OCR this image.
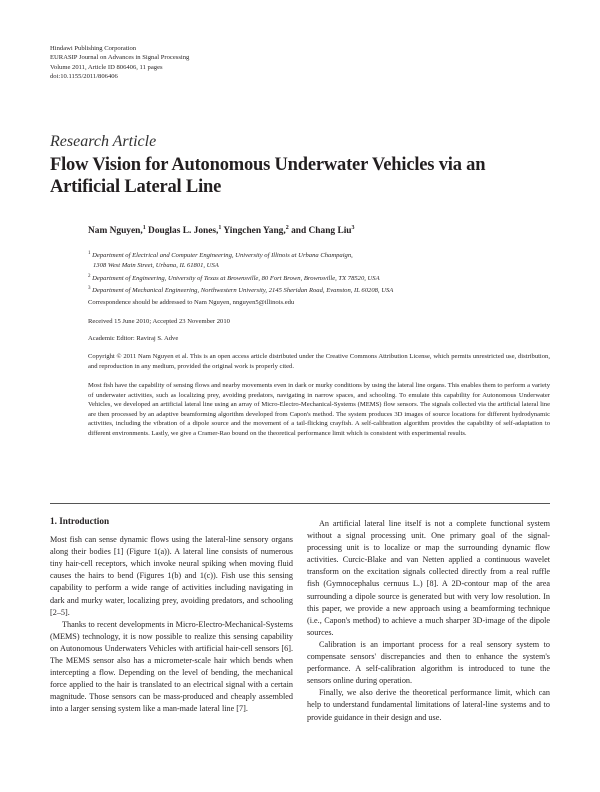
Hindawi Publishing Corporation
EURASIP Journal on Advances in Signal Processing
Volume 2011, Article ID 806406, 11 pages
doi:10.1155/2011/806406
Research Article
Flow Vision for Autonomous Underwater Vehicles via an Artificial Lateral Line
Nam Nguyen,$^1$ Douglas L. Jones,$^1$ Yingchen Yang,$^2$ and Chang Liu$^3$
$^1$ Department of Electrical and Computer Engineering, University of Illinois at Urbana Champaign,
1308 West Main Street, Urbana, IL 61801, USA
$^2$ Department of Engineering, University of Texas at Brownsville, 80 Fort Brown, Brownsville, TX 78520, USA
$^3$ Department of Mechanical Engineering, Northwestern University, 2145 Sheridan Road, Evanston, IL 60208, USA
Correspondence should be addressed to Nam Nguyen, nnguyen5@illinois.edu
Received 15 June 2010; Accepted 23 November 2010
Academic Editor: Raviraj S. Adve
Copyright © 2011 Nam Nguyen et al. This is an open access article distributed under the Creative Commons Attribution License, which permits unrestricted use, distribution, and reproduction in any medium, provided the original work is properly cited.
Most fish have the capability of sensing flows and nearby movements even in dark or murky conditions by using the lateral line organs. This enables them to perform a variety of underwater activities, such as localizing prey, avoiding predators, navigating in narrow spaces, and schooling. To emulate this capability for Autonomous Underwater Vehicles, we developed an artificial lateral line using an array of Micro-Electro-Mechanical-Systems (MEMS) flow sensors. The signals collected via the artificial lateral line are then processed by an adaptive beamforming algorithm developed from Capon's method. The system produces 3D images of source locations for different hydrodynamic activities, including the vibration of a dipole source and the movement of a tail-flicking crayfish. A self-calibration algorithm provides the capability of self-adaptation to different environments. Lastly, we give a Cramer-Rao bound on the theoretical performance limit which is consistent with experimental results.
1. Introduction

Most fish can sense dynamic flows using the lateral-line sensory organs along their bodies [1] (Figure 1(a)). A lateral line consists of numerous tiny hair-cell receptors, which invoke neural spiking when moving fluid causes the hairs to bend (Figures 1(b) and 1(c)). Fish use this sensing capability to perform a wide range of activities including navigating in dark and murky water, localizing prey, avoiding predators, and schooling [2–5].

Thanks to recent developments in Micro-Electro-Mechanical-Systems (MEMS) technology, it is now possible to realize this sensing capability on Autonomous Underwaters Vehicles with artificial hair-cell sensors [6]. The MEMS sensor also has a micrometer-scale hair which bends when intercepting a flow. Depending on the level of bending, the mechanical force applied to the hair is translated to an electrical signal with a certain magnitude. Those sensors can be mass-produced and cheaply assembled into a larger sensing system like a man-made lateral line [7].

An artificial lateral line itself is not a complete functional system without a signal processing unit. One primary goal of the signal-processing unit is to localize or map the surrounding dynamic flow activities. Curcic-Blake and van Netten applied a continuous wavelet transform on the excitation signals collected directly from a real ruffle fish (Gymnocephalus cernuus L.) [8]. A 2D-contour map of the area surrounding a dipole source is generated but with very low resolution. In this paper, we provide a new approach using a beamforming technique (i.e., Capon's method) to achieve a much sharper 3D-image of the dipole sources.

Calibration is an important process for a real sensory system to compensate sensors' discrepancies and then to enhance the system's performance. A self-calibration algorithm is introduced to tune the sensors online during operation.

Finally, we also derive the theoretical performance limit, which can help to understand fundamental limitations of lateral-line systems and to provide guidance in their design and use.
